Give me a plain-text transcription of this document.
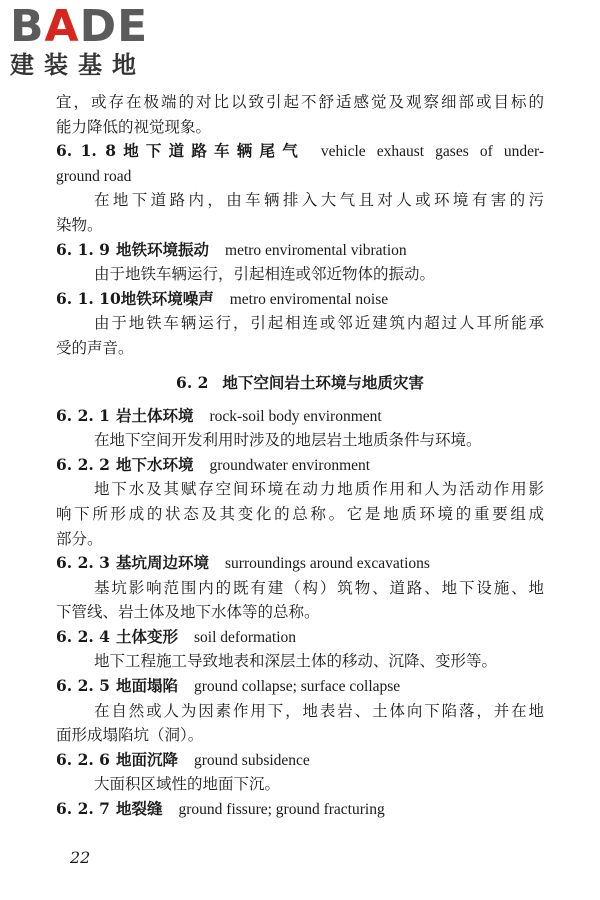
BADE
建装基地
宜，或存在极端的对比以致引起不舒适感觉及观察细部或目标的
能力降低的视觉现象。
6. 1. 8地下道路车辆尾气 vehicle exhaust gases of under-
ground road
在地下道路内，由车辆排入大气且对人或环境有害的污
染物。
6. 1. 9 地铁环境振动 metro enviromental vibration
由于地铁车辆运行，引起相连或邻近物体的振动。
6. 1. 10地铁环境噪声 metro enviromental noise
由于地铁车辆运行，引起相连或邻近建筑内超过人耳所能承
受的声音。
6. 2 地下空间岩土环境与地质灾害
6. 2. 1 岩土体环境 rock-soil body environment
在地下空间开发利用时涉及的地层岩土地质条件与环境。
6. 2. 2 地下水环境 groundwater environment
地下水及其赋存空间环境在动力地质作用和人为活动作用影
响下所形成的状态及其变化的总称。它是地质环境的重要组成
部分。
6. 2. 3 基坑周边环境 surroundings around excavations
基坑影响范围内的既有建（构）筑物、道路、地下设施、地
下管线、岩土体及地下水体等的总称。
6. 2. 4 土体变形 soil deformation
地下工程施工导致地表和深层土体的移动、沉降、变形等。
6. 2. 5 地面塌陷 ground collapse; surface collapse
在自然或人为因素作用下，地表岩、土体向下陷落，并在地
面形成塌陷坑（洞）。
6. 2. 6 地面沉降 ground subsidence
大面积区域性的地面下沉。
6. 2. 7 地裂缝 ground fissure; ground fracturing
22
